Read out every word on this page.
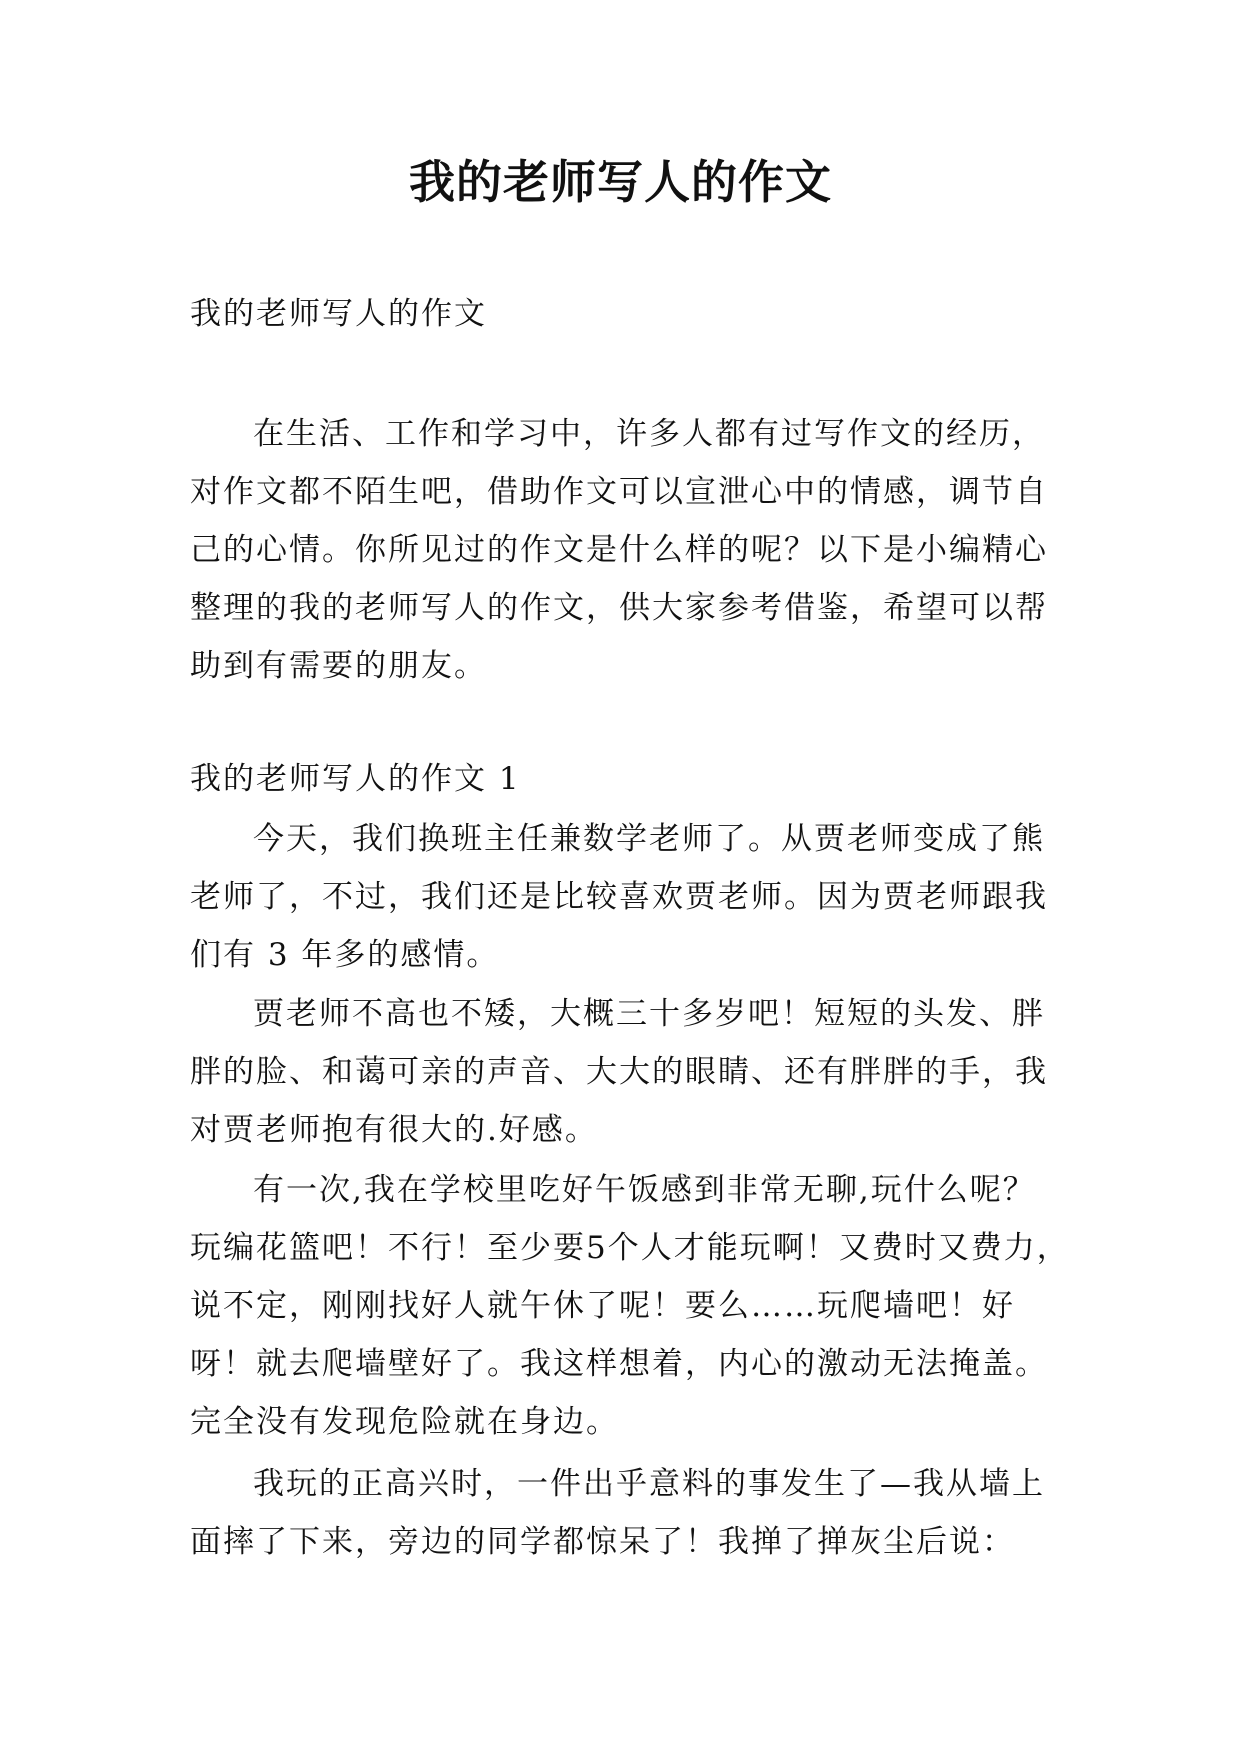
我的老师写人的作文
我的老师写人的作文
在生活、工作和学习中，许多人都有过写作文的经历，
对作文都不陌生吧，借助作文可以宣泄心中的情感，调节自
己的心情。你所见过的作文是什么样的呢？以下是小编精心
整理的我的老师写人的作文，供大家参考借鉴，希望可以帮
助到有需要的朋友。
我的老师写人的作文 1
今天，我们换班主任兼数学老师了。从贾老师变成了熊
老师了，不过，我们还是比较喜欢贾老师。因为贾老师跟我
们有 3 年多的感情。
贾老师不高也不矮，大概三十多岁吧！短短的头发、胖
胖的脸、和蔼可亲的声音、大大的眼睛、还有胖胖的手，我
对贾老师抱有很大的.好感。
有一次,我在学校里吃好午饭感到非常无聊,玩什么呢？
玩编花篮吧！不行！至少要5个人才能玩啊！又费时又费力，
说不定，刚刚找好人就午休了呢！要么……玩爬墙吧！好
呀！就去爬墙壁好了。我这样想着，内心的激动无法掩盖。
完全没有发现危险就在身边。
我玩的正高兴时，一件出乎意料的事发生了—我从墙上
面摔了下来，旁边的同学都惊呆了！我掸了掸灰尘后说：
